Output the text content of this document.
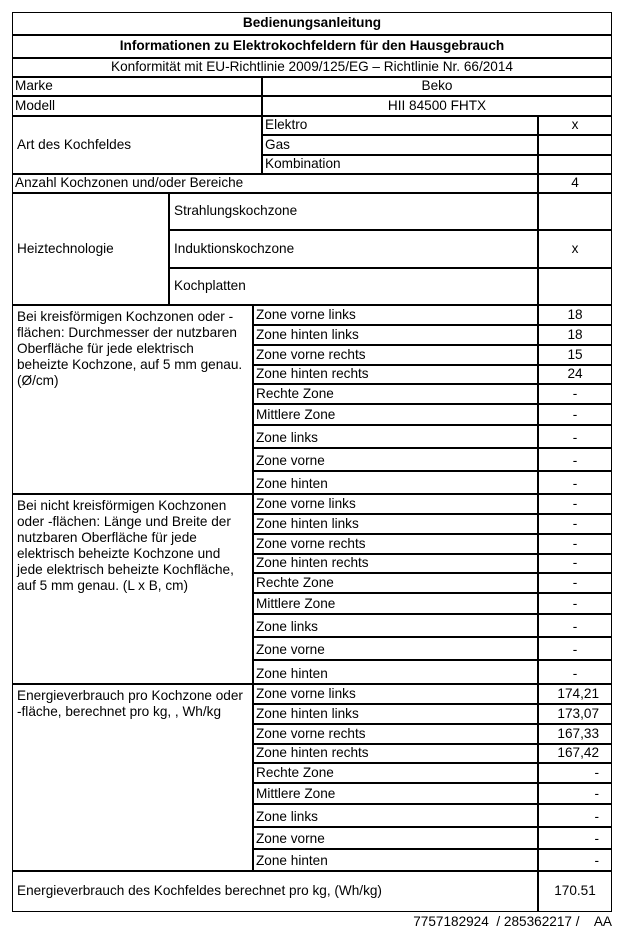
Bedienungsanleitung
Informationen zu Elektrokochfeldern für den Hausgebrauch
Konformität mit EU-Richtlinie 2009/125/EG – Richtlinie Nr. 66/2014
Marke	Beko
Modell	HII 84500 FHTX
Art des Kochfeldes
Elektro	x
Gas
Kombination
Anzahl Kochzonen und/oder Bereiche	4
Heiztechnologie
Strahlungskochzone
Induktionskochzone	x
Kochplatten
Bei kreisförmigen Kochzonen oder -flächen: Durchmesser der nutzbaren Oberfläche für jede elektrisch beheizte Kochzone, auf 5 mm genau. (Ø/cm)
Zone vorne links	18
Zone hinten links	18
Zone vorne rechts	15
Zone hinten rechts	24
Rechte Zone	-
Mittlere Zone	-
Zone links	-
Zone vorne	-
Zone hinten	-
Bei nicht kreisförmigen Kochzonen oder -flächen: Länge und Breite der nutzbaren Oberfläche für jede elektrisch beheizte Kochzone und jede elektrisch beheizte Kochfläche, auf 5 mm genau. (L x B, cm)
Zone vorne links	-
Zone hinten links	-
Zone vorne rechts	-
Zone hinten rechts	-
Rechte Zone	-
Mittlere Zone	-
Zone links	-
Zone vorne	-
Zone hinten	-
Energieverbrauch pro Kochzone oder -fläche, berechnet pro kg, , Wh/kg
Zone vorne links	174,21
Zone hinten links	173,07
Zone vorne rechts	167,33
Zone hinten rechts	167,42
Rechte Zone	-
Mittlere Zone	-
Zone links	-
Zone vorne	-
Zone hinten	-
Energieverbrauch des Kochfeldes berechnet pro kg, (Wh/kg)	170.51
7757182924  / 285362217 /    AA
